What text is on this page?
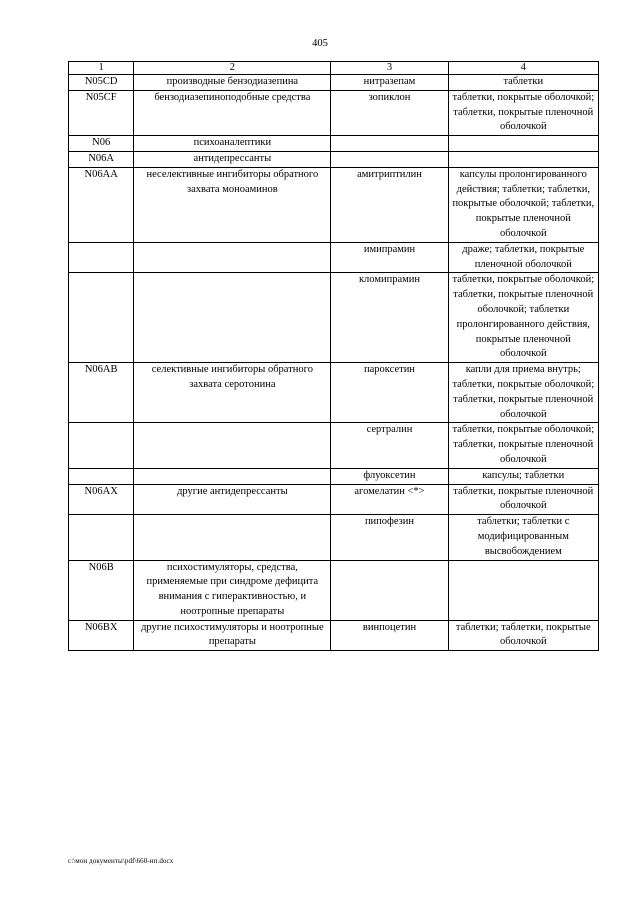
405
1	2	3	4
N05CD	производные бензодиазепина	нитразепам	таблетки
N05CF	бензодиазепиноподобные средства	зопиклон	таблетки, покрытые оболочкой; таблетки, покрытые пленочной оболочкой
N06	психоаналептики		
N06A	антидепрессанты		
N06AA	неселективные ингибиторы обратного захвата моноаминов	амитриптилин	капсулы пролонгированного действия; таблетки; таблетки, покрытые оболочкой; таблетки, покрытые пленочной оболочкой
		имипрамин	драже; таблетки, покрытые пленочной оболочкой
		кломипрамин	таблетки, покрытые оболочкой; таблетки, покрытые пленочной оболочкой; таблетки пролонгированного действия, покрытые пленочной оболочкой
N06AB	селективные ингибиторы обратного захвата серотонина	пароксетин	капли для приема внутрь; таблетки, покрытые оболочкой; таблетки, покрытые пленочной оболочкой
		сертралин	таблетки, покрытые оболочкой; таблетки, покрытые пленочной оболочкой
		флуоксетин	капсулы; таблетки
N06AX	другие антидепрессанты	агомелатин <*>	таблетки, покрытые пленочной оболочкой
		пипофезин	таблетки; таблетки с модифицированным высвобождением
N06B	психостимуляторы, средства, применяемые при синдроме дефицита внимания с гиперактивностью, и ноотропные препараты		
N06BX	другие психостимуляторы и ноотропные препараты	винпоцетин	таблетки; таблетки, покрытые оболочкой
c:\мои документы\pdf\660-нп.docx
